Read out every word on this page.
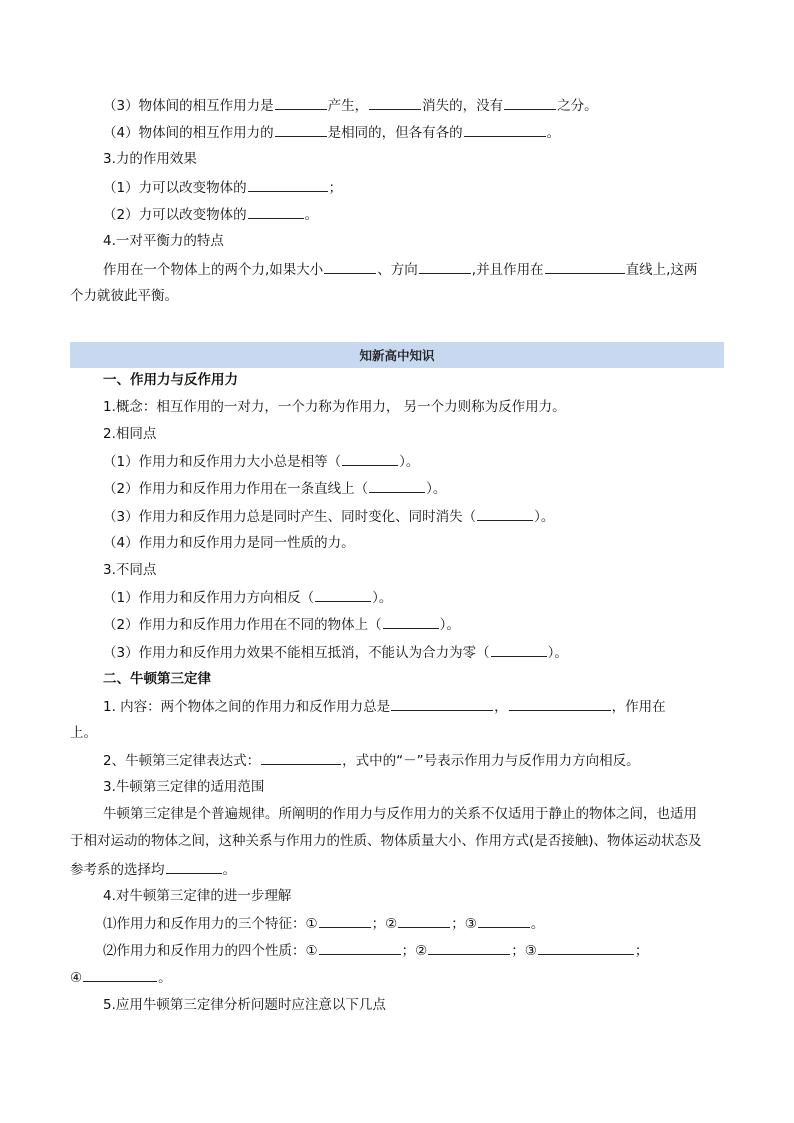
（3）物体间的相互作用力是	产生，	消失的，没有	之分。
（4）物体间的相互作用力的	是相同的，但各有各的	。
3.力的作用效果
（1）力可以改变物体的	；
（2）力可以改变物体的	。
4.一对平衡力的特点
作用在一个物体上的两个力,如果大小	、方向	,并且作用在	直线上,这两
个力就彼此平衡。
知新高中知识
一、作用力与反作用力
1.概念：相互作用的一对力，一个力称为作用力， 另一个力则称为反作用力。
2.相同点
（1）作用力和反作用力大小总是相等（	）。
（2）作用力和反作用力作用在一条直线上（	）。
（3）作用力和反作用力总是同时产生、同时变化、同时消失（	）。
（4）作用力和反作用力是同一性质的力。
3.不同点
（1）作用力和反作用力方向相反（	）。
（2）作用力和反作用力作用在不同的物体上（	）。
（3）作用力和反作用力效果不能相互抵消，不能认为合力为零（	）。
二、牛顿第三定律
1. 内容：两个物体之间的作用力和反作用力总是	，	，作用在
上。
2、牛顿第三定律表达式：	，式中的“－”号表示作用力与反作用力方向相反。
3.牛顿第三定律的适用范围
牛顿第三定律是个普遍规律。所阐明的作用力与反作用力的关系不仅适用于静止的物体之间，也适用
于相对运动的物体之间，这种关系与作用力的性质、物体质量大小、作用方式(是否接触)、物体运动状态及
参考系的选择均	。
4.对牛顿第三定律的进一步理解
⑴作用力和反作用力的三个特征：①	；②	；③	。
⑵作用力和反作用力的四个性质：①	；②	；③	；
④	。
5.应用牛顿第三定律分析问题时应注意以下几点
